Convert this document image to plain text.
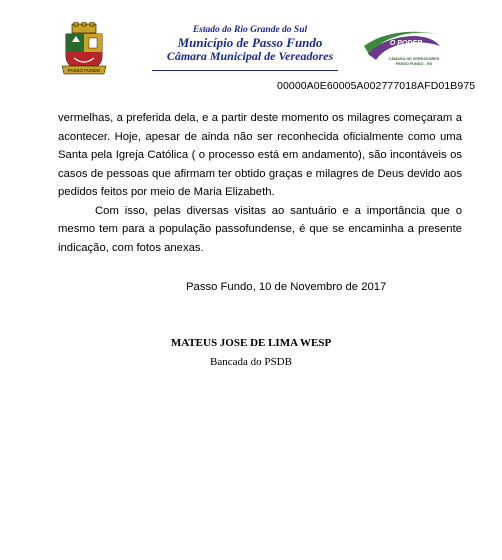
PASSO FUNDO
Estado do Rio Grande do Sul
Município de Passo Fundo
Câmara Municipal de Vereadores
O PODER
DA COMUNIDADE
CÂMARA DE VEREADORES
PASSO FUNDO - RS
00000A0E60005A002777018AFD01B975

vermelhas, a preferida dela, e a partir deste momento os milagres começaram a acontecer. Hoje, apesar de ainda não ser reconhecida oficialmente como uma Santa pela Igreja Católica ( o processo está em andamento), são incontáveis os casos de pessoas que afirmam ter obtido graças e milagres de Deus devido aos pedidos feitos por meio de Maria Elizabeth.

Com isso, pelas diversas visitas ao santuário e a importância que o mesmo tem para a população passofundense, é que se encaminha a presente indicação, com fotos anexas.

Passo Fundo, 10 de Novembro de 2017
MATEUS JOSE DE LIMA WESP
Bancada do PSDB
